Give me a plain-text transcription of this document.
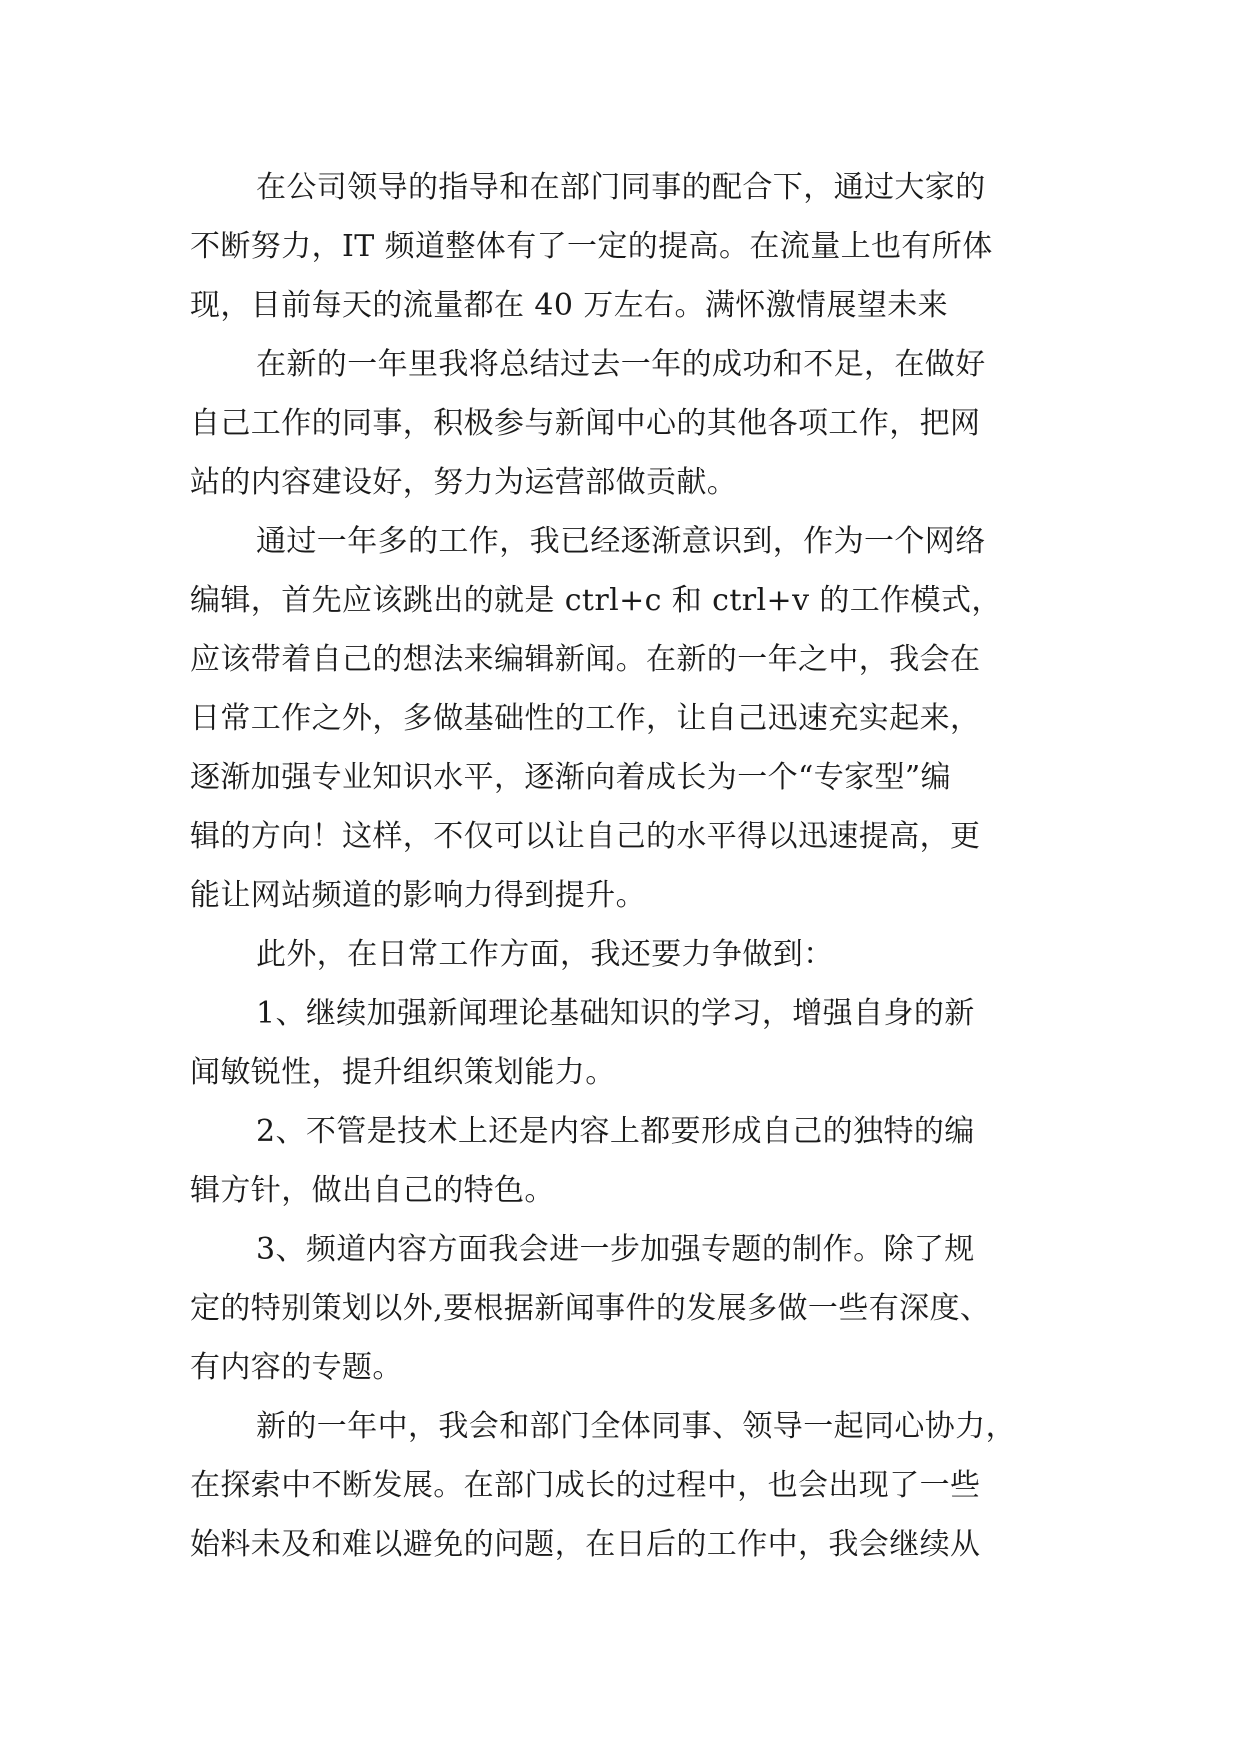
在公司领导的指导和在部门同事的配合下，通过大家的
不断努力，IT 频道整体有了一定的提高。在流量上也有所体
现，目前每天的流量都在 40 万左右。满怀激情展望未来

在新的一年里我将总结过去一年的成功和不足，在做好
自己工作的同事，积极参与新闻中心的其他各项工作，把网
站的内容建设好，努力为运营部做贡献。

通过一年多的工作，我已经逐渐意识到，作为一个网络
编辑，首先应该跳出的就是 ctrl+c 和 ctrl+v 的工作模式，
应该带着自己的想法来编辑新闻。在新的一年之中，我会在
日常工作之外，多做基础性的工作，让自己迅速充实起来，
逐渐加强专业知识水平，逐渐向着成长为一个“专家型”编
辑的方向！这样，不仅可以让自己的水平得以迅速提高，更
能让网站频道的影响力得到提升。

此外，在日常工作方面，我还要力争做到：

1、继续加强新闻理论基础知识的学习，增强自身的新
闻敏锐性，提升组织策划能力。

2、不管是技术上还是内容上都要形成自己的独特的编
辑方针，做出自己的特色。

3、频道内容方面我会进一步加强专题的制作。除了规
定的特别策划以外,要根据新闻事件的发展多做一些有深度、
有内容的专题。

新的一年中，我会和部门全体同事、领导一起同心协力，
在探索中不断发展。在部门成长的过程中，也会出现了一些
始料未及和难以避免的问题，在日后的工作中，我会继续从
